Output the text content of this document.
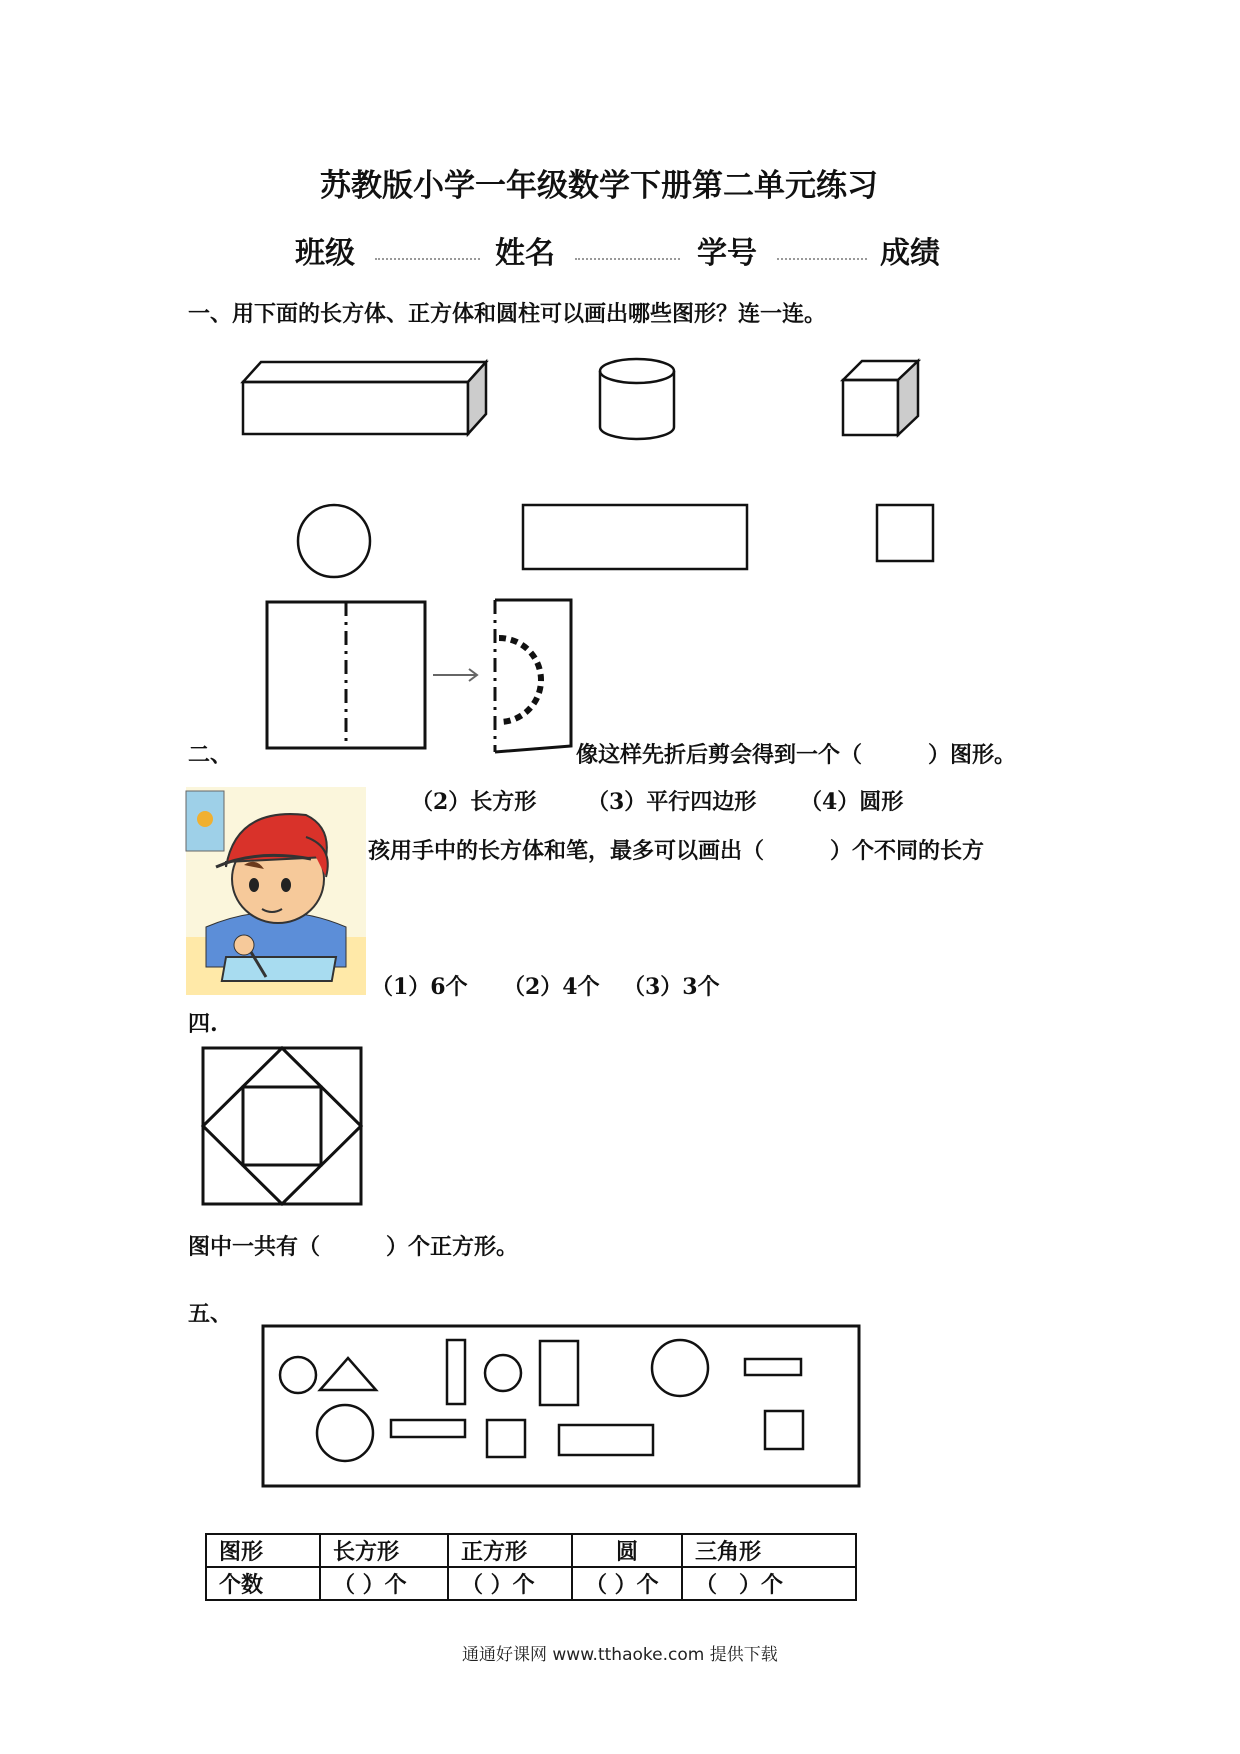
苏教版小学一年级数学下册第二单元练习
班级	姓名	学号	成绩
一、用下面的长方体、正方体和圆柱可以画出哪些图形？连一连。
二、	像这样先折后剪会得到一个（　　　）图形。
（2）长方形 （3）平行四边形 （4）圆形
孩用手中的长方体和笔，最多可以画出（　　　）个不同的长方
（1）6个 （2）4个 （3）3个
四.
图中一共有（　　　）个正方形。
五、
图形	长方形	正方形	圆	三角形
个数	（ ）个	（ ）个	（ ）个	（　）个
通通好课网 www.tthaoke.com 提供下载
